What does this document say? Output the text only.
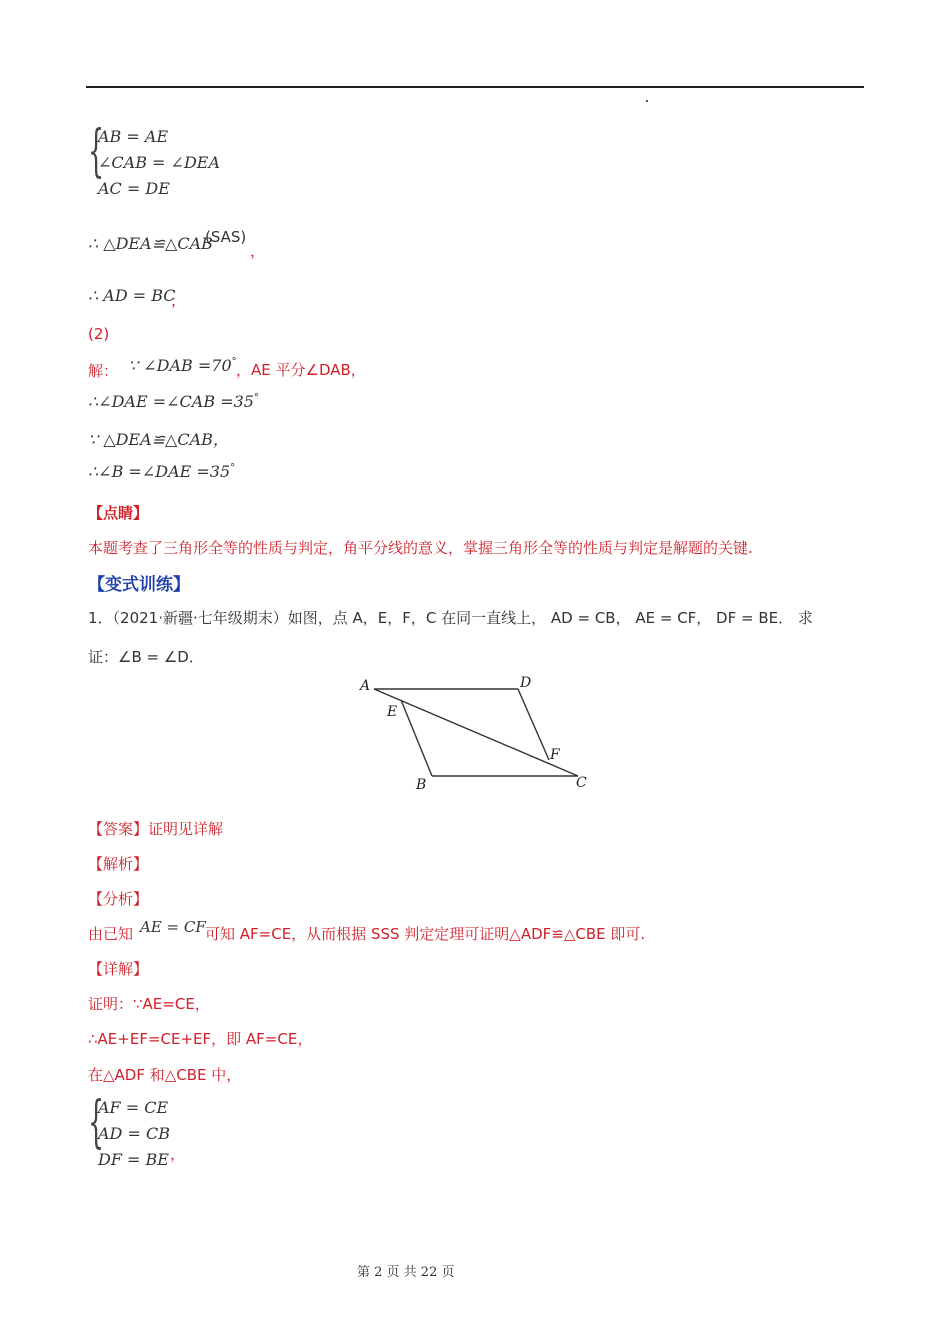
{
AB = AE
∠CAB = ∠DEA
AC = DE
∴ △DEA≌△CAB
(SAS)
，
∴ AD = BC
；
(2)
解： ∵ ∠DAB =70° ，AE 平分∠DAB，
∴∠DAE =∠CAB =35°
∵ △DEA≌△CAB，
∴∠B =∠DAE =35°
【点睛】
本题考查了三角形全等的性质与判定，角平分线的意义，掌握三角形全等的性质与判定是解题的关键.
【变式训练】
1．（2021·新疆·七年级期末）如图，点 A，E，F，C 在同一直线上， AD = CB， AE = CF， DF = BE． 求
证：∠B = ∠D．
A	D
E
F
B	C
【答案】证明见详解
【解析】
【分析】
由已知 AE = CF 可知 AF=CE，从而根据 SSS 判定定理可证明△ADF≌△CBE 即可.
【详解】
证明：∵AE=CE，
∴AE+EF=CE+EF，即 AF=CE，
在△ADF 和△CBE 中，
{
AF = CE
AD = CB
DF = BE ，
第 2 页 共 22 页
